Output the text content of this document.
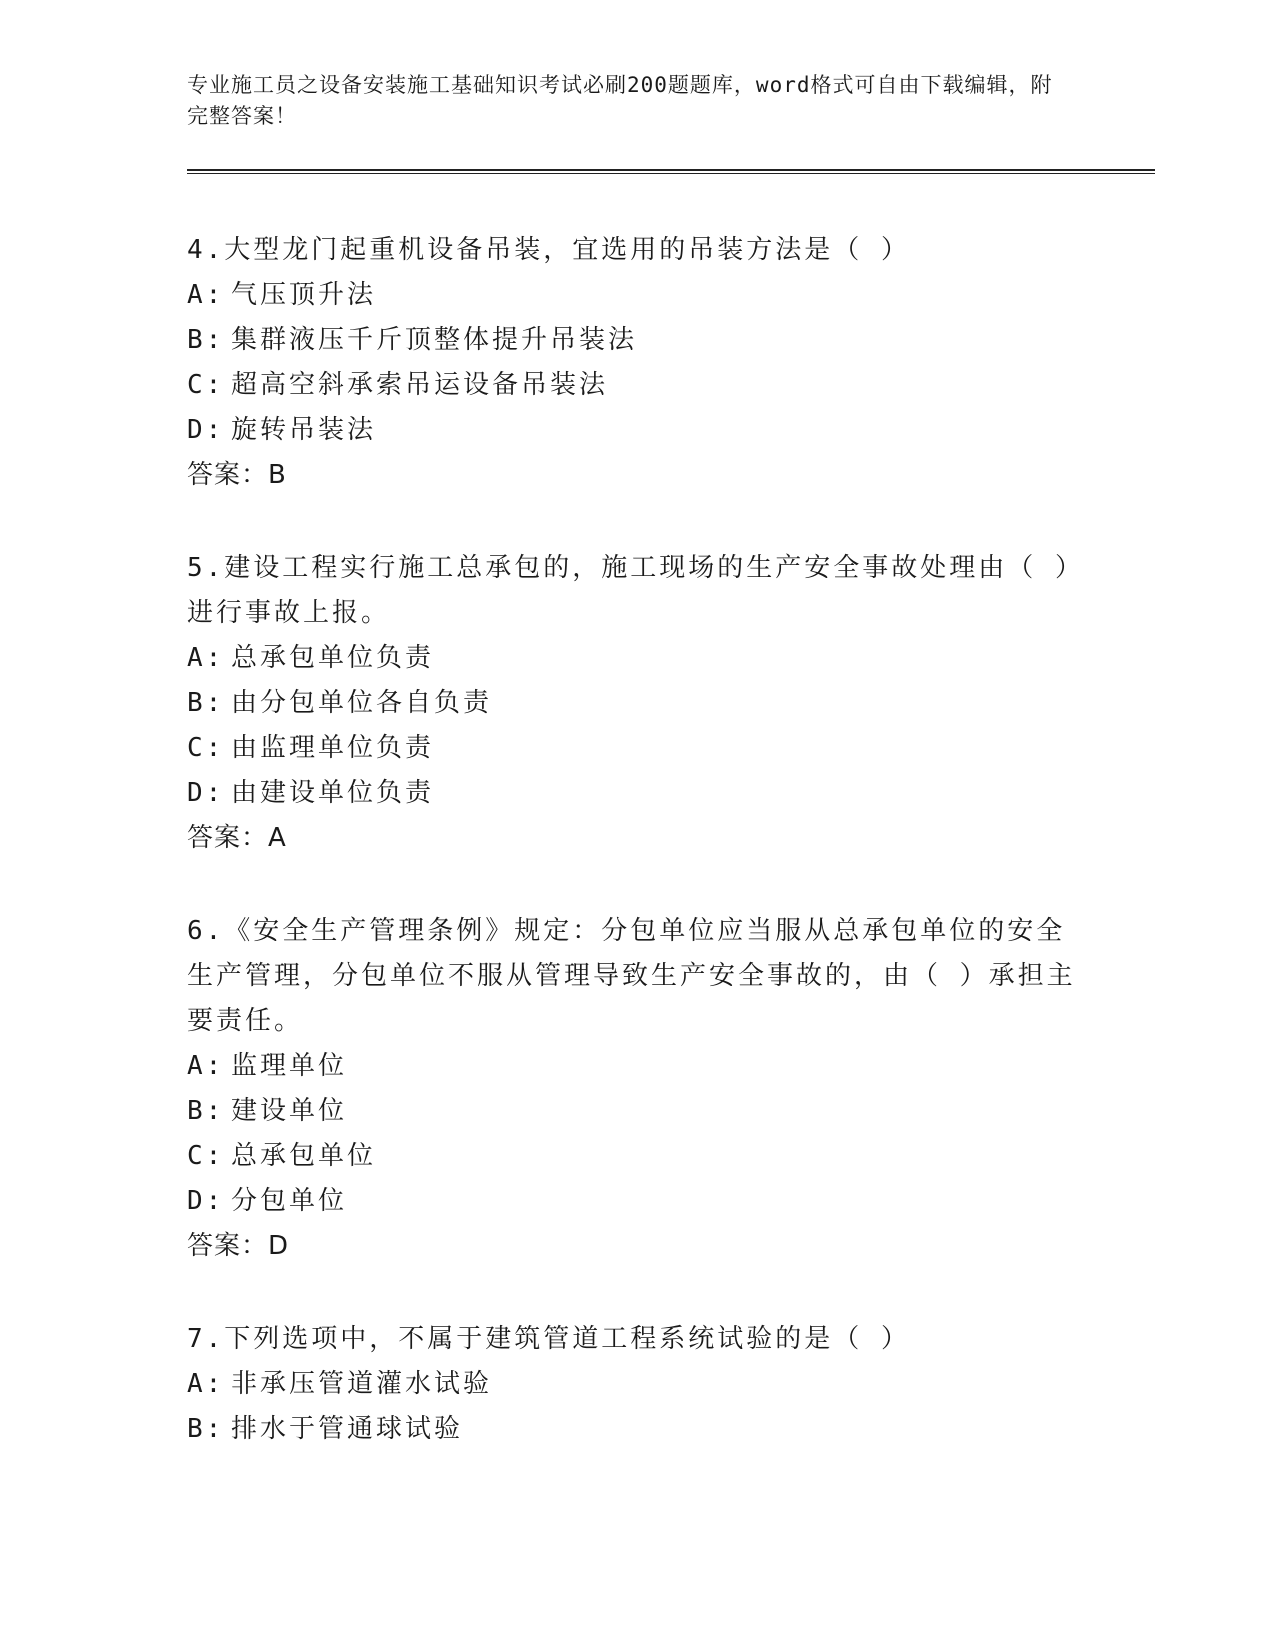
专业施工员之设备安装施工基础知识考试必刷200题题库，word格式可自由下载编辑，附完整答案！

4.大型龙门起重机设备吊装，宜选用的吊装方法是（ ）

A: 气压顶升法

B: 集群液压千斤顶整体提升吊装法

C: 超高空斜承索吊运设备吊装法

D: 旋转吊装法

答案：B

5.建设工程实行施工总承包的，施工现场的生产安全事故处理由（ ）进行事故上报。

A: 总承包单位负责

B: 由分包单位各自负责

C: 由监理单位负责

D: 由建设单位负责

答案：A

6.《安全生产管理条例》规定：分包单位应当服从总承包单位的安全生产管理，分包单位不服从管理导致生产安全事故的，由（ ）承担主要责任。

A: 监理单位

B: 建设单位

C: 总承包单位

D: 分包单位

答案：D

7.下列选项中，不属于建筑管道工程系统试验的是（ ）

A: 非承压管道灌水试验

B: 排水于管通球试验
